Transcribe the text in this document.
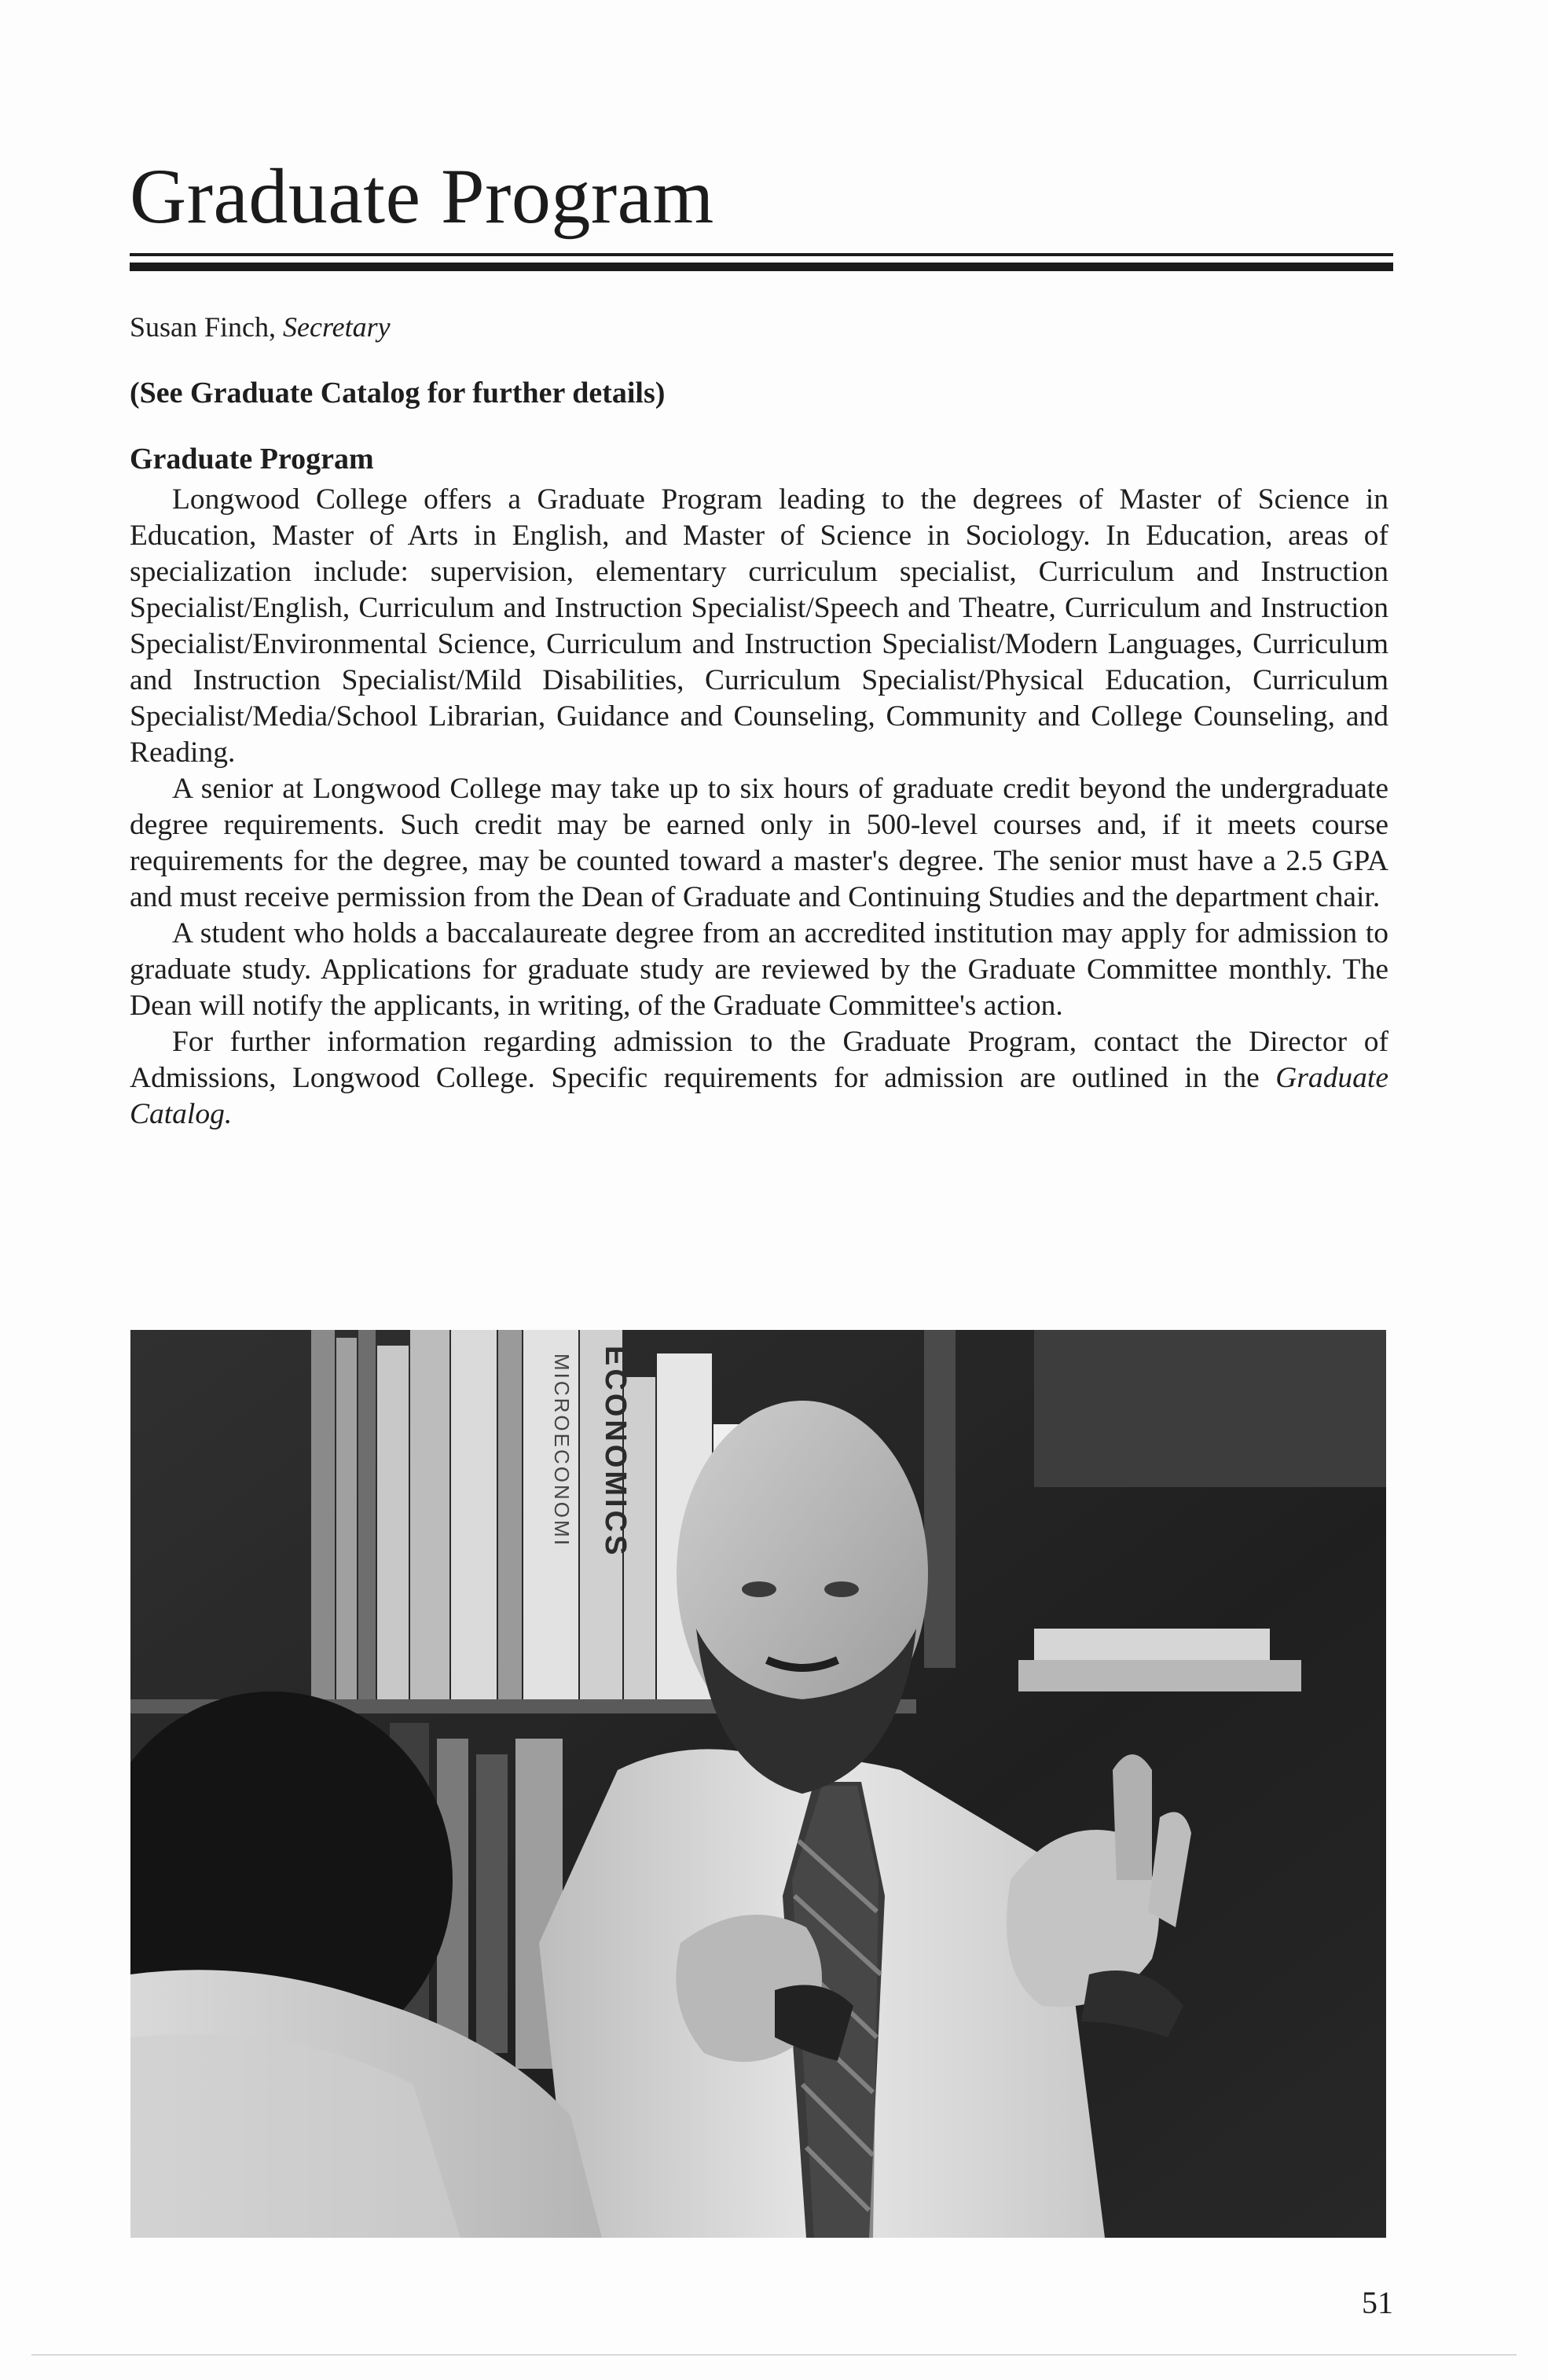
Graduate Program
Susan Finch, Secretary
(See Graduate Catalog for further details)
Graduate Program

Longwood College offers a Graduate Program leading to the degrees of Master of Science in Education, Master of Arts in English, and Master of Science in Sociology. In Education, areas of specialization include: supervision, elementary curriculum specialist, Curriculum and Instruction Specialist/English, Curriculum and Instruction Specialist/Speech and Theatre, Curriculum and Instruction Specialist/Environmental Science, Curriculum and Instruction Specialist/Modern Languages, Curriculum and Instruction Specialist/Mild Disabilities, Curriculum Specialist/Physical Education, Curriculum Specialist/Media/School Librarian, Guidance and Counseling, Community and College Counseling, and Reading.

A senior at Longwood College may take up to six hours of graduate credit beyond the undergraduate degree requirements. Such credit may be earned only in 500-level courses and, if it meets course requirements for the degree, may be counted toward a master's degree. The senior must have a 2.5 GPA and must receive permission from the Dean of Graduate and Continuing Studies and the department chair.

A student who holds a baccalaureate degree from an accredited institution may apply for admission to graduate study. Applications for graduate study are reviewed by the Graduate Committee monthly. The Dean will notify the applicants, in writing, of the Graduate Committee's action.

For further information regarding admission to the Graduate Program, contact the Director of Admissions, Longwood College. Specific requirements for admission are outlined in the Graduate Catalog.

MICROECONOMI ECONOMICS
51
